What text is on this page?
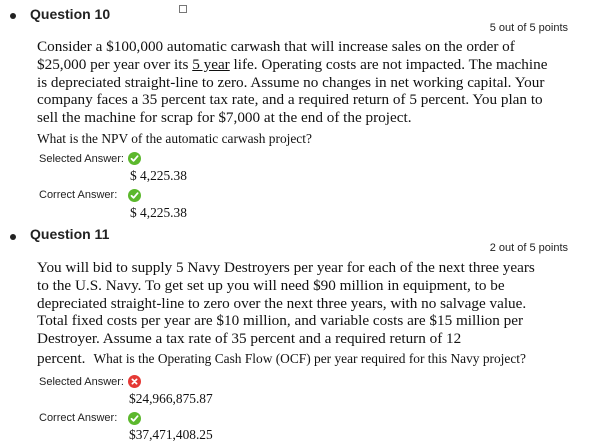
Question 10
5 out of 5 points
Consider a $100,000 automatic carwash that will increase sales on the order of
$25,000 per year over its 5 year life. Operating costs are not impacted. The machine
is depreciated straight-line to zero. Assume no changes in net working capital. Your
company faces a 35 percent tax rate, and a required return of 5 percent. You plan to
sell the machine for scrap for $7,000 at the end of the project.
What is the NPV of the automatic carwash project?
Selected Answer:
$ 4,225.38
Correct Answer:
$ 4,225.38
Question 11
2 out of 5 points
You will bid to supply 5 Navy Destroyers per year for each of the next three years
to the U.S. Navy. To get set up you will need $90 million in equipment, to be
depreciated straight-line to zero over the next three years, with no salvage value.
Total fixed costs per year are $10 million, and variable costs are $15 million per
Destroyer. Assume a tax rate of 35 percent and a required return of 12
percent. What is the Operating Cash Flow (OCF) per year required for this Navy project?
Selected Answer:
$24,966,875.87
Correct Answer:
$37,471,408.25
